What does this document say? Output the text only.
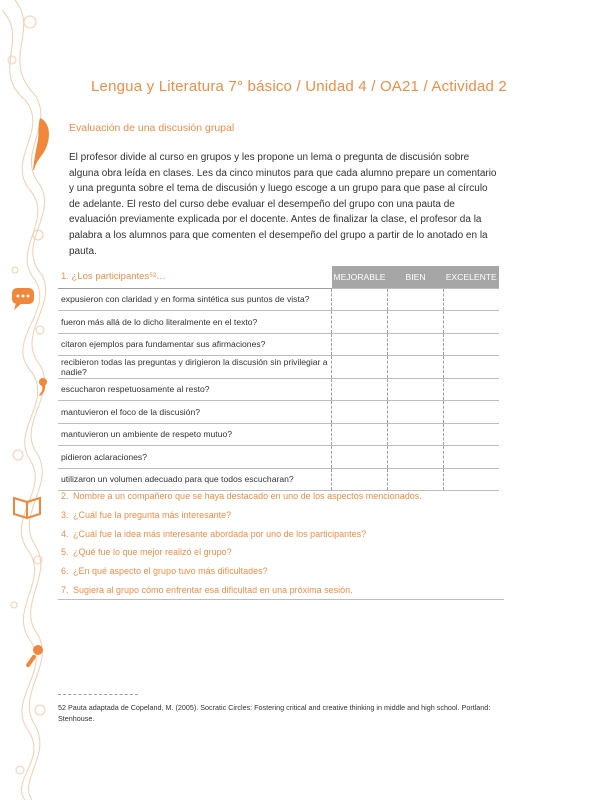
Lengua y Literatura 7° básico / Unidad 4 / OA21 / Actividad 2
Evaluación de una discusión grupal

El profesor divide al curso en grupos y les propone un lema o pregunta de discusión sobre alguna obra leída en clases. Les da cinco minutos para que cada alumno prepare un comentario y una pregunta sobre el tema de discusión y luego escoge a un grupo para que pase al círculo de adelante. El resto del curso debe evaluar el desempeño del grupo con una pauta de evaluación previamente explicada por el docente. Antes de finalizar la clase, el profesor da la palabra a los alumnos para que comenten el desempeño del grupo a partir de lo anotado en la pauta.

1. ¿Los participantes⁵²…	MEJORABLE	BIEN	EXCELENTE
expusieron con claridad y en forma sintética sus puntos de vista?			
fueron más allá de lo dicho literalmente en el texto?			
citaron ejemplos para fundamentar sus afirmaciones?			
recibieron todas las preguntas y dirigieron la discusión sin privilegiar a nadie?			
escucharon respetuosamente al resto?			
mantuvieron el foco de la discusión?			
mantuvieron un ambiente de respeto mutuo?			
pidieron aclaraciones?			
utilizaron un volumen adecuado para que todos escucharan?			
2. Nombre a un compañero que se haya destacado en uno de los aspectos mencionados.
3. ¿Cuál fue la pregunta más interesante?
4. ¿Cuál fue la idea más interesante abordada por uno de los participantes?
5. ¿Qué fue lo que mejor realizó el grupo?
6. ¿En qué aspecto el grupo tuvo más dificultades?
7. Sugiera al grupo cómo enfrentar esa dificultad en una próxima sesión.
52 Pauta adaptada de Copeland, M. (2005). Socratic Circles: Fostering critical and creative thinking in middle and high school. Portland: Stenhouse.
